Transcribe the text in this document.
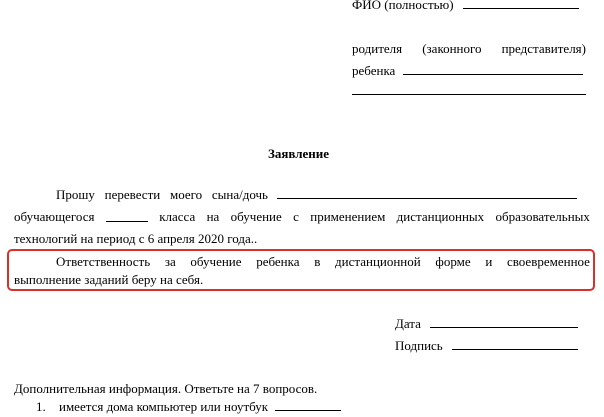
ФИО (полностью)
родителя (законного представителя)
ребенка
Заявление
Прошу перевести моего сына/дочь
обучающегося	класса на обучение с применением дистанционных образовательных
технологий на период с 6 апреля 2020 года..
Ответственность за обучение ребенка в дистанционной форме и своевременное
выполнение заданий беру на себя.
Дата
Подпись
Дополнительная информация. Ответьте на 7 вопросов.
1. имеется дома компьютер или ноутбук
